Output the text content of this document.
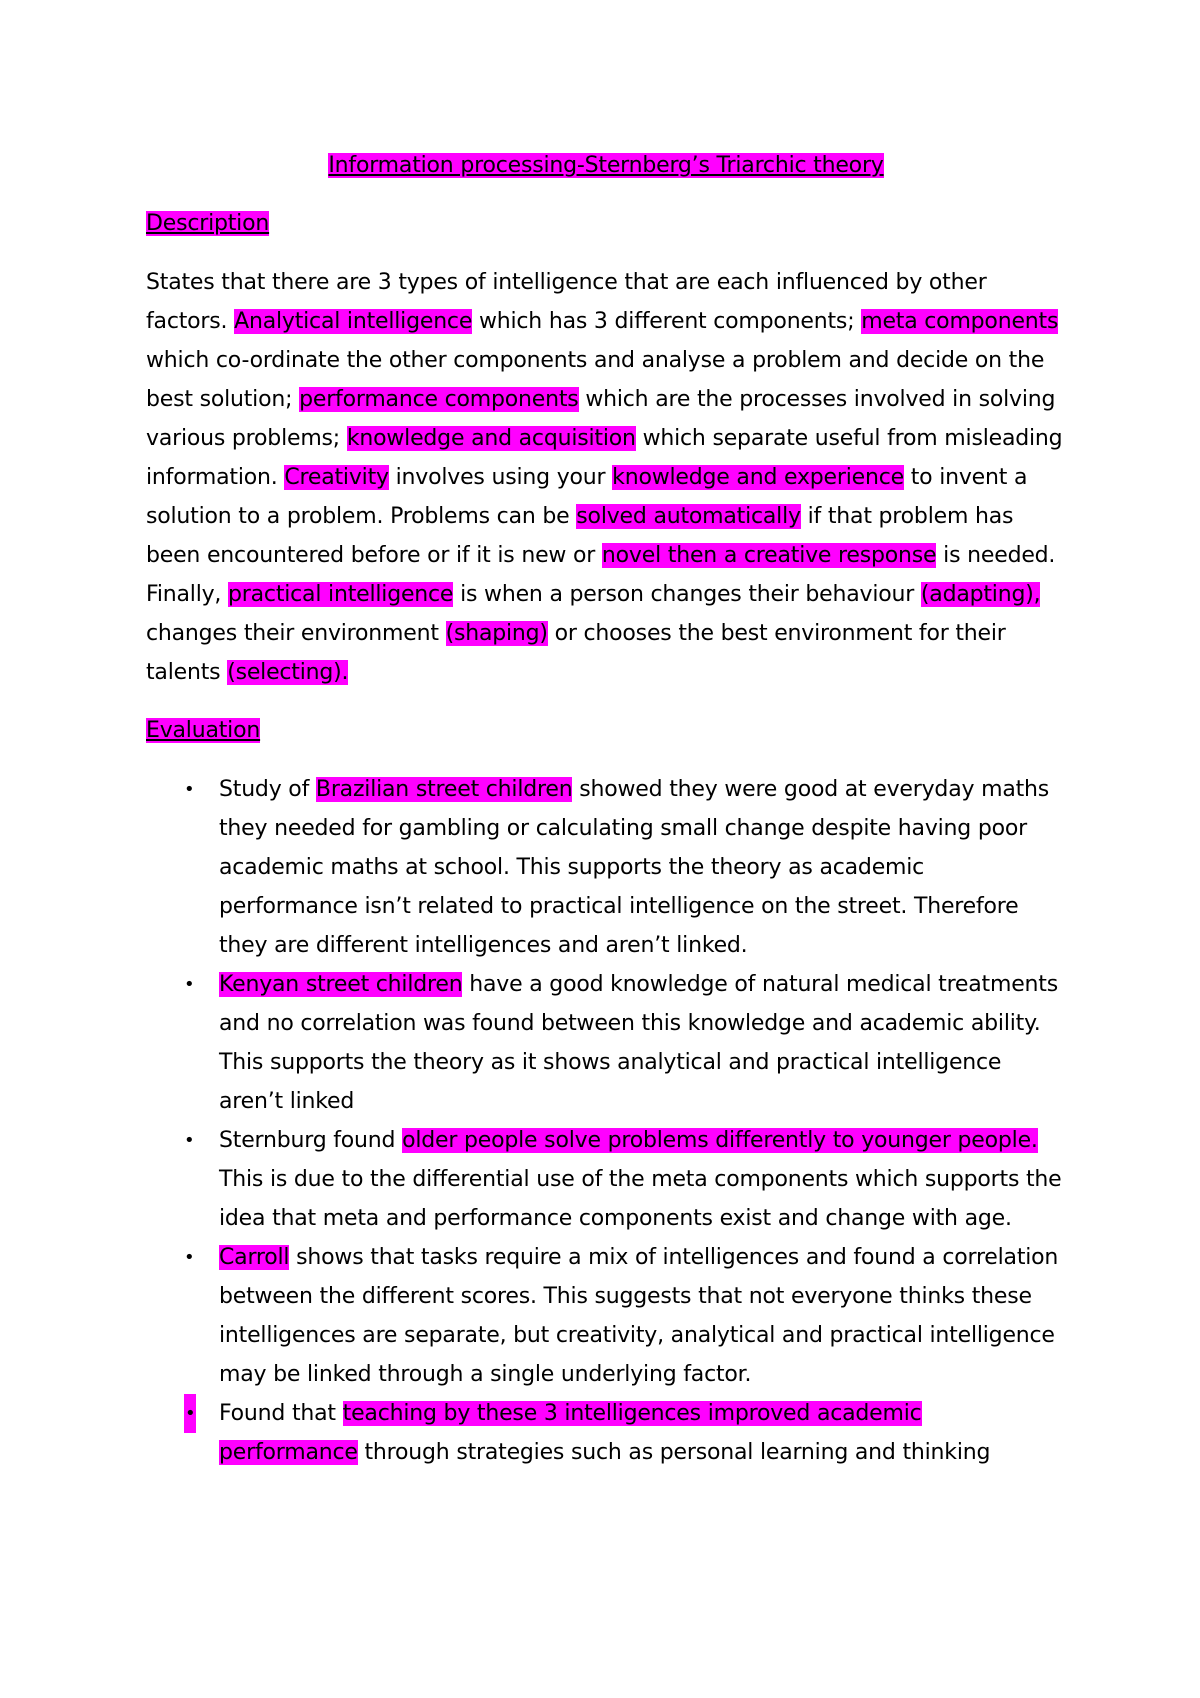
Information processing-Sternberg’s Triarchic theory
Description

States that there are 3 types of intelligence that are each influenced by other factors. Analytical intelligence which has 3 different components; meta components which co-ordinate the other components and analyse a problem and decide on the best solution; performance components which are the processes involved in solving various problems; knowledge and acquisition which separate useful from misleading information. Creativity involves using your knowledge and experience to invent a solution to a problem. Problems can be solved automatically if that problem has been encountered before or if it is new or novel then a creative response is needed. Finally, practical intelligence is when a person changes their behaviour (adapting), changes their environment (shaping) or chooses the best environment for their talents (selecting).

Evaluation
• Study of Brazilian street children showed they were good at everyday maths they needed for gambling or calculating small change despite having poor academic maths at school. This supports the theory as academic performance isn’t related to practical intelligence on the street. Therefore they are different intelligences and aren’t linked.
• Kenyan street children have a good knowledge of natural medical treatments and no correlation was found between this knowledge and academic ability. This supports the theory as it shows analytical and practical intelligence aren’t linked
• Sternburg found older people solve problems differently to younger people. This is due to the differential use of the meta components which supports the idea that meta and performance components exist and change with age.
• Carroll shows that tasks require a mix of intelligences and found a correlation between the different scores. This suggests that not everyone thinks these intelligences are separate, but creativity, analytical and practical intelligence may be linked through a single underlying factor.
• Found that teaching by these 3 intelligences improved academic performance through strategies such as personal learning and thinking
